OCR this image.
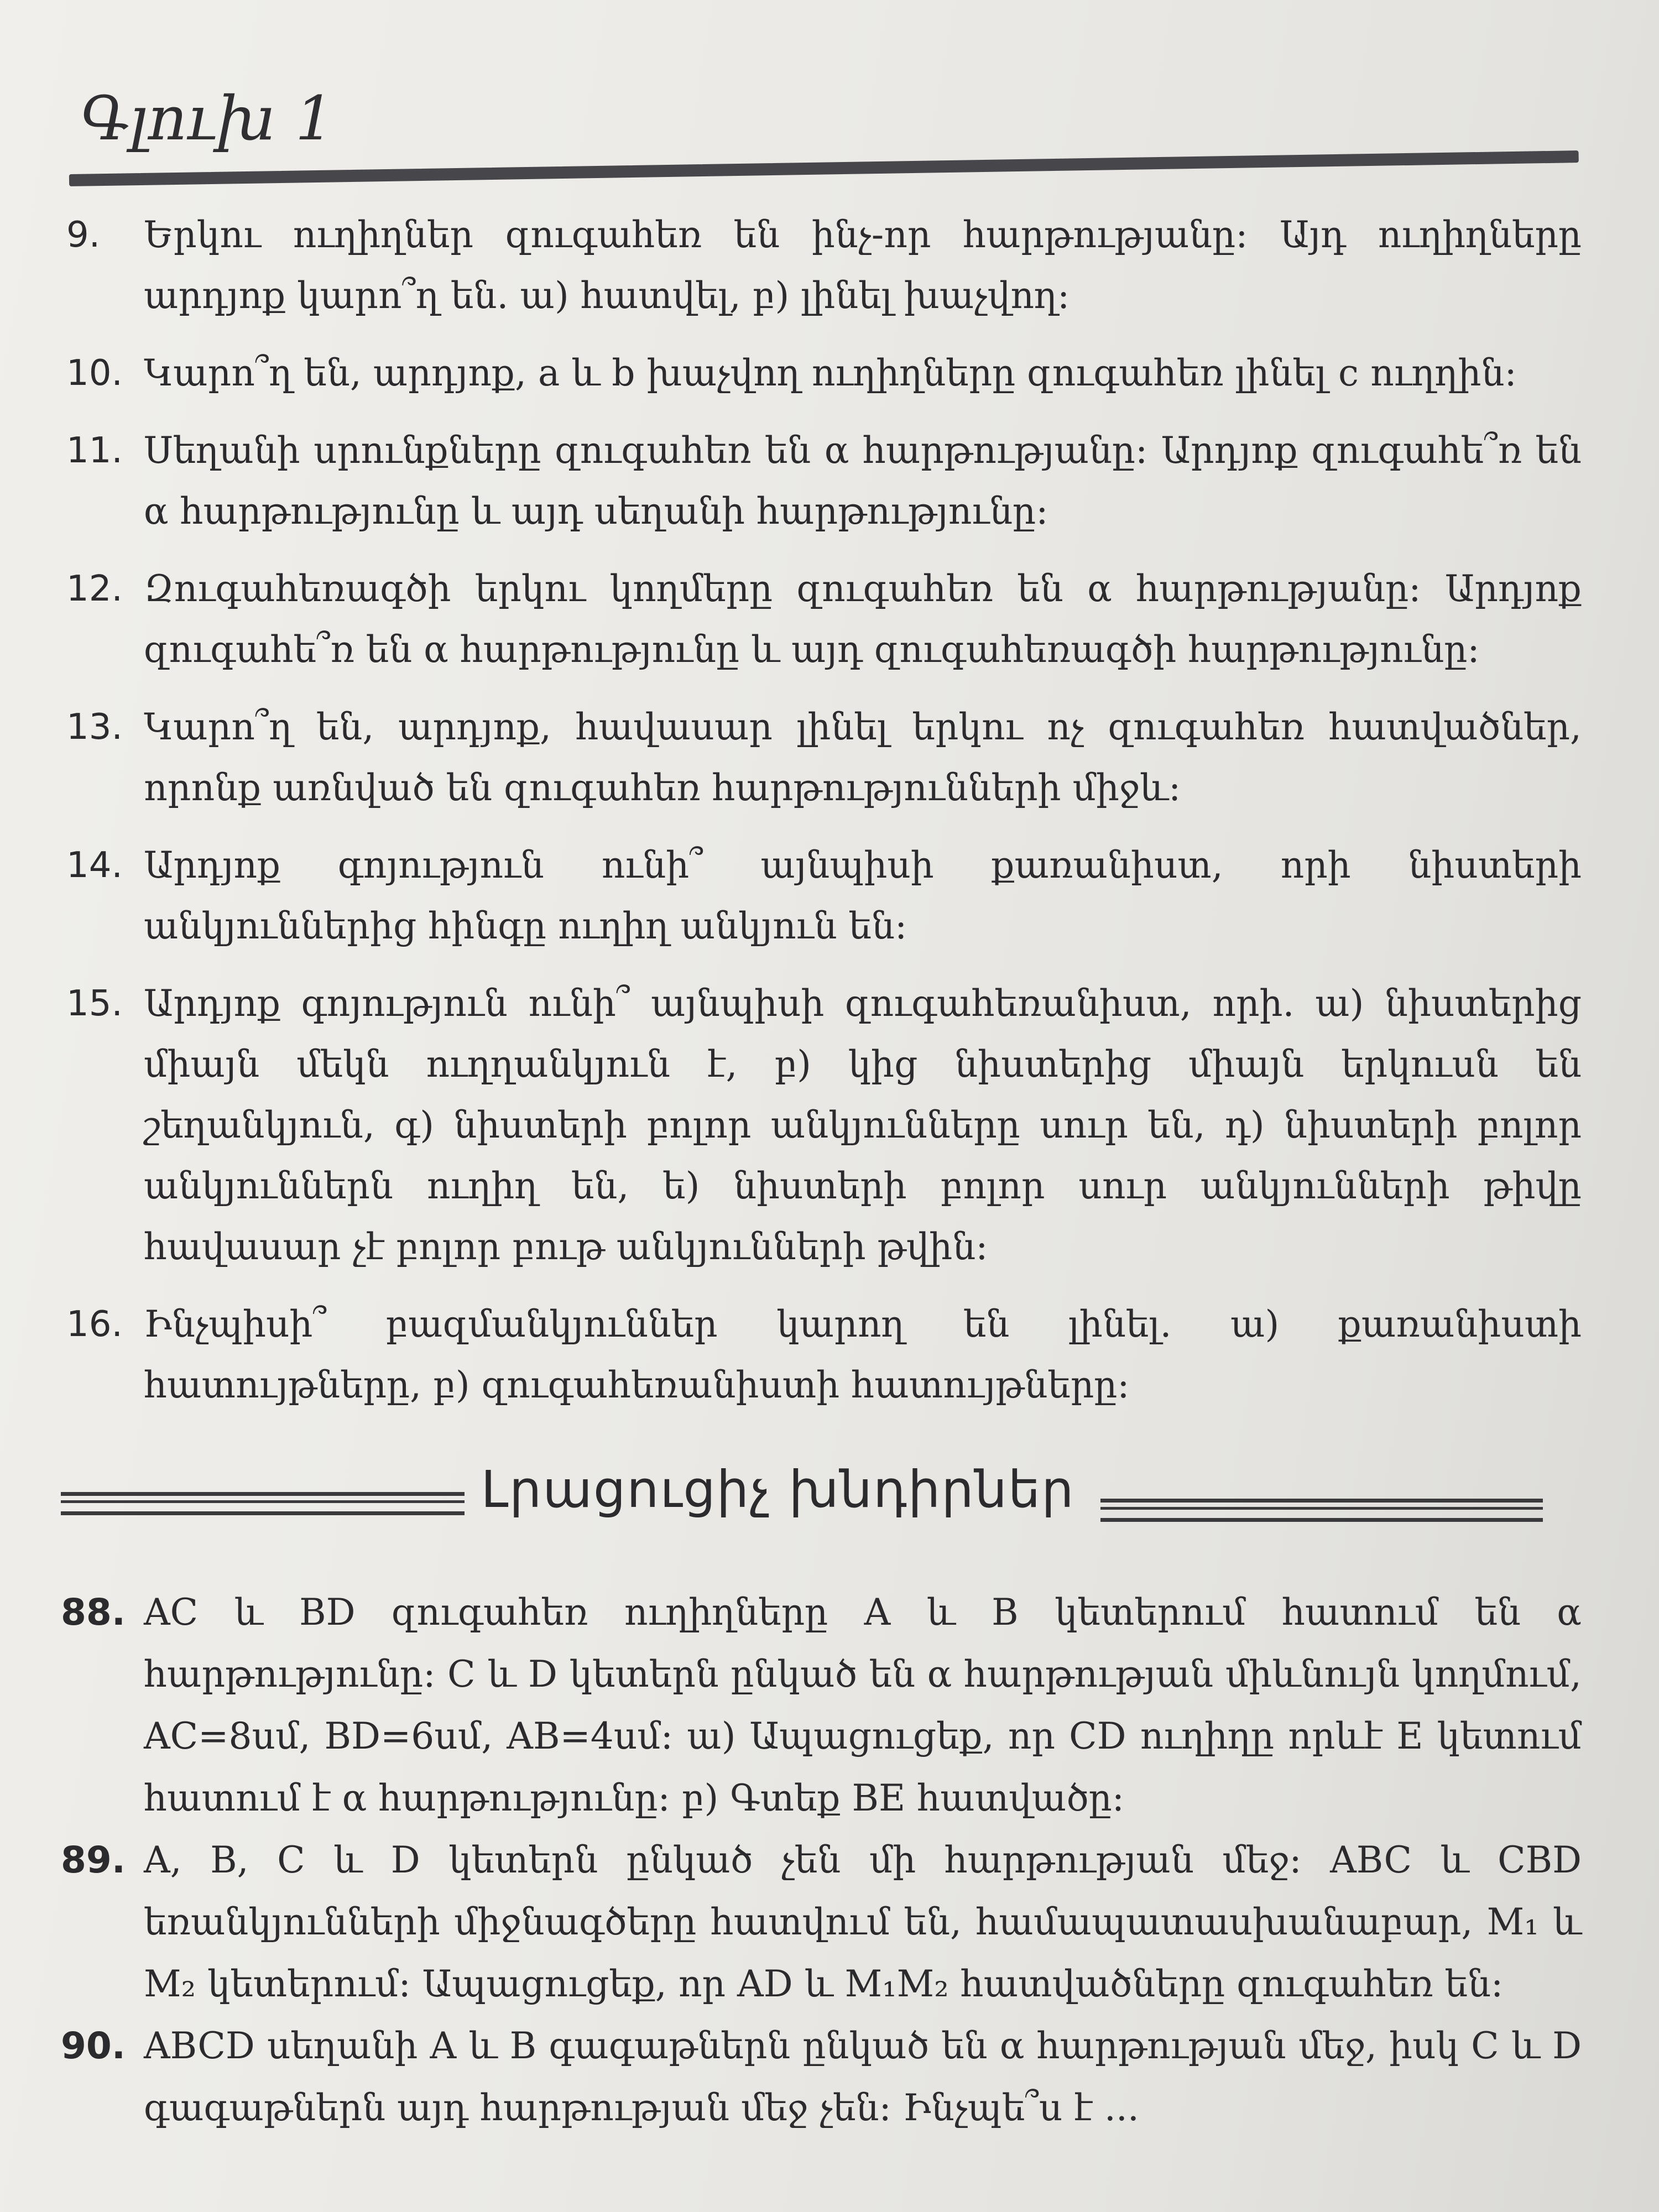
Գլուխ 1
9. Երկու ուղիղներ զուգահեռ են ինչ-որ հարթությանը: Այդ ուղիղները արդյոք կարո՞ղ են. ա) հատվել, բ) լինել խաչվող:
10. Կարո՞ղ են, արդյոք, a և b խաչվող ուղիղները զուգահեռ լինել c ուղղին:
11. Սեղանի սրունքները զուգահեռ են α հարթությանը: Արդյոք զուգահե՞ռ են α հարթությունը և այդ սեղանի հարթությունը:
12. Զուգահեռագծի երկու կողմերը զուգահեռ են α հարթությանը: Արդյոք զուգահե՞ռ են α հարթությունը և այդ զուգահեռագծի հարթությունը:
13. Կարո՞ղ են, արդյոք, հավասար լինել երկու ոչ զուգահեռ հատվածներ, որոնք առնված են զուգահեռ հարթությունների միջև:
14. Արդյոք գոյություն ունի՞ այնպիսի քառանիստ, որի նիստերի անկյուններից հինգը ուղիղ անկյուն են:
15. Արդյոք գոյություն ունի՞ այնպիսի զուգահեռանիստ, որի. ա) նիստերից միայն մեկն ուղղանկյուն է, բ) կից նիստերից միայն երկուսն են շեղանկյուն, գ) նիստերի բոլոր անկյունները սուր են, դ) նիստերի բոլոր անկյուններն ուղիղ են, ե) նիստերի բոլոր սուր անկյունների թիվը հավասար չէ բոլոր բութ անկյունների թվին:
16. Ինչպիսի՞ բազմանկյուններ կարող են լինել. ա) քառանիստի հատույթները, բ) զուգահեռանիստի հատույթները:
Լրացուցիչ խնդիրներ
88. AC և BD զուգահեռ ուղիղները A և B կետերում հատում են α հարթությունը: C և D կետերն ընկած են α հարթության միևնույն կողմում, AC=8սմ, BD=6սմ, AB=4սմ: ա) Ապացուցեք, որ CD ուղիղը որևէ E կետում հատում է α հարթությունը: բ) Գտեք BE հատվածը:
89. A, B, C և D կետերն ընկած չեն մի հարթության մեջ: ABC և CBD եռանկյունների միջնագծերը հատվում են, համապատասխանաբար, M₁ և M₂ կետերում: Ապացուցեք, որ AD և M₁M₂ հատվածները զուգահեռ են:
90. ABCD սեղանի A և B գագաթներն ընկած են α հարթության մեջ, իսկ C և D գագաթներն այդ հարթության մեջ չեն: Ինչպե՞ս է ...
